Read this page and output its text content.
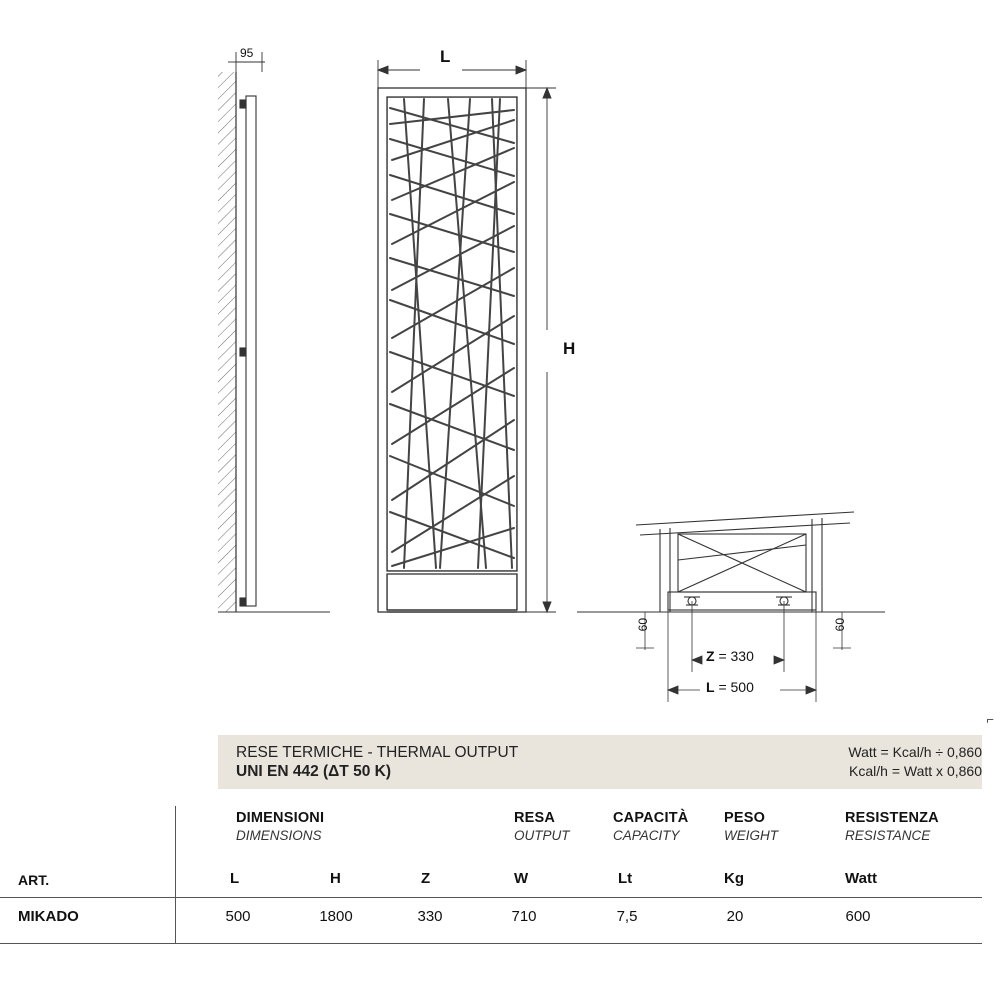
95	L
H
60	60
Z = 330
L = 500
⌐
RESE TERMICHE - THERMAL OUTPUT
UNI EN 442 (ΔT 50 K)
Watt = Kcal/h ÷ 0,860
Kcal/h = Watt x 0,860
DIMENSIONI
DIMENSIONS
RESA
OUTPUT
CAPACITÀ
CAPACITY
PESO
WEIGHT
RESISTENZA
RESISTANCE
ART.	L	H	Z	W	Lt	Kg	Watt
MIKADO	500	1800	330	710	7,5	20	600
